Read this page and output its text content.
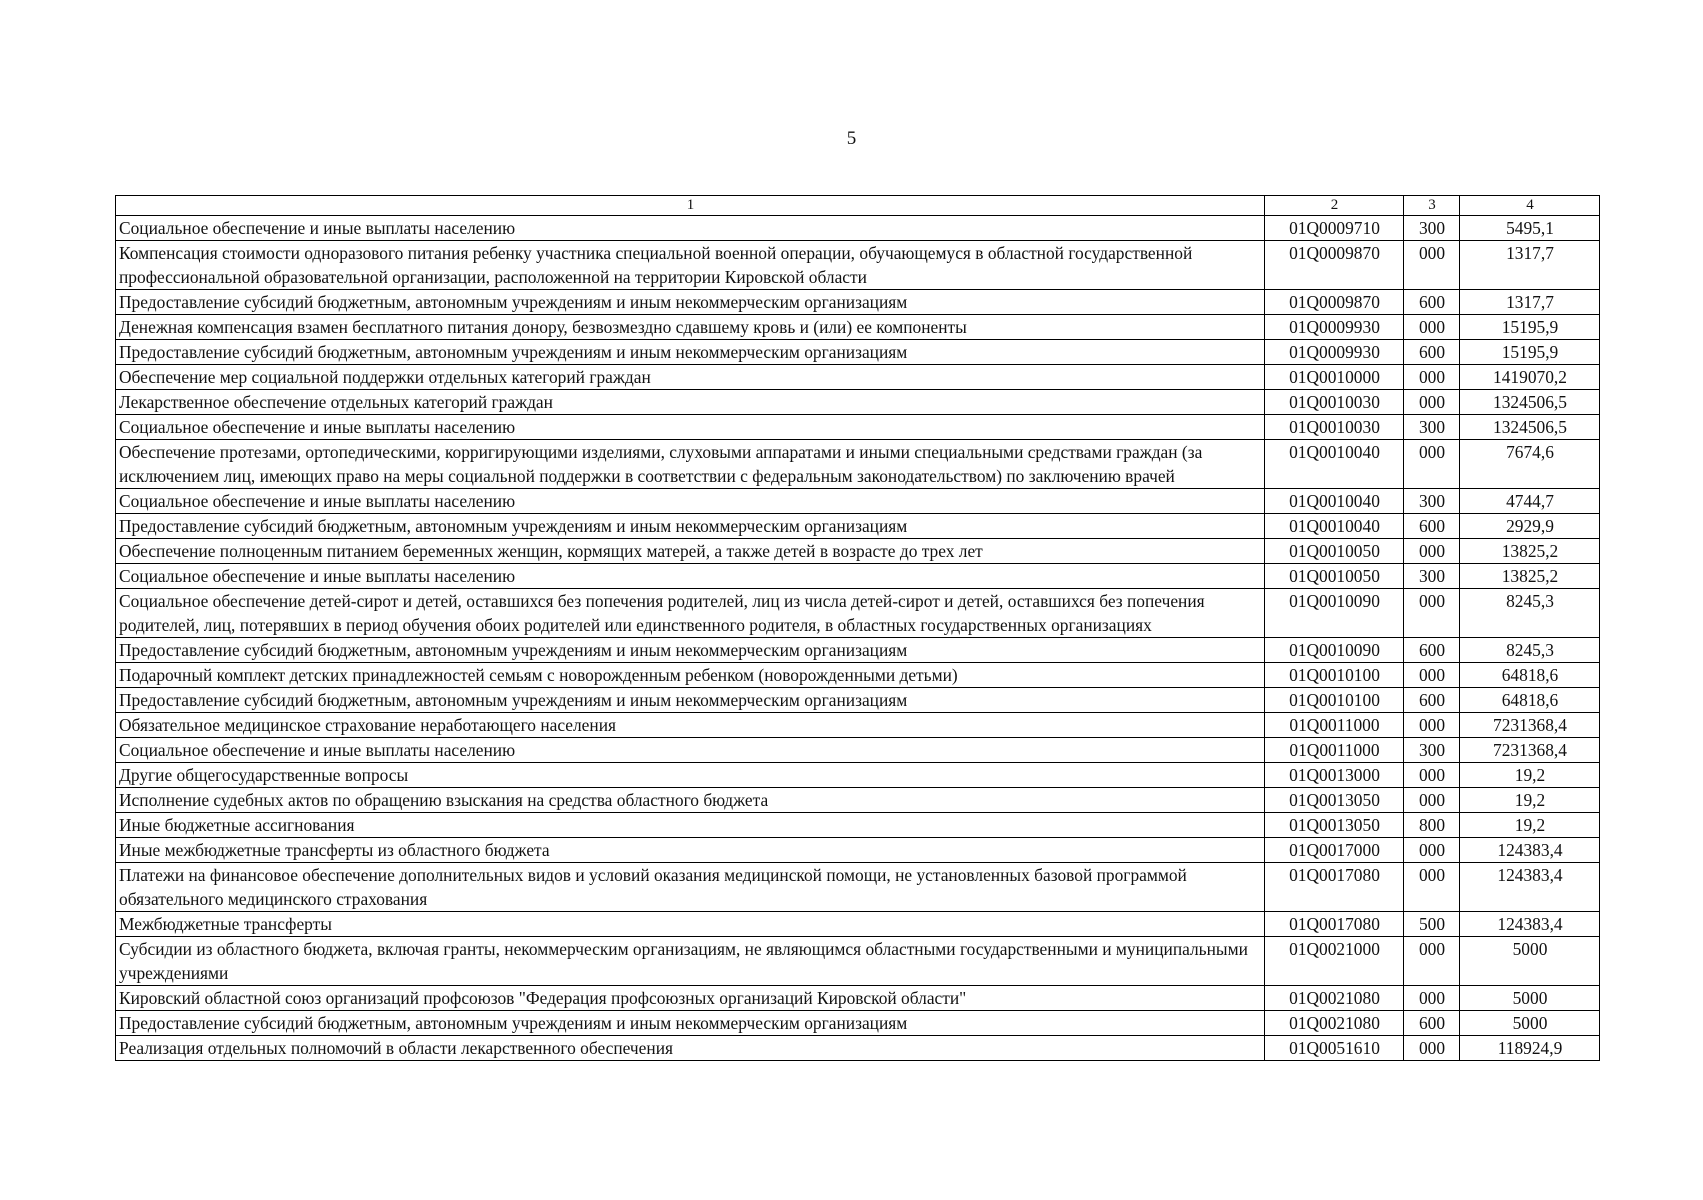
5
1	2	3	4
Социальное обеспечение и иные выплаты населению	01Q0009710	300	5495,1
Компенсация стоимости одноразового питания ребенку участника специальной военной операции, обучающемуся в областной государственной профессиональной образовательной организации, расположенной на территории Кировской области	01Q0009870	000	1317,7
Предоставление субсидий бюджетным, автономным учреждениям и иным некоммерческим организациям	01Q0009870	600	1317,7
Денежная компенсация взамен бесплатного питания донору, безвозмездно сдавшему кровь и (или) ее компоненты	01Q0009930	000	15195,9
Предоставление субсидий бюджетным, автономным учреждениям и иным некоммерческим организациям	01Q0009930	600	15195,9
Обеспечение мер социальной поддержки отдельных категорий граждан	01Q0010000	000	1419070,2
Лекарственное обеспечение отдельных категорий граждан	01Q0010030	000	1324506,5
Социальное обеспечение и иные выплаты населению	01Q0010030	300	1324506,5
Обеспечение протезами, ортопедическими, корригирующими изделиями, слуховыми аппаратами и иными специальными средствами граждан (за исключением лиц, имеющих право на меры социальной поддержки в соответствии с федеральным законодательством) по заключению врачей	01Q0010040	000	7674,6
Социальное обеспечение и иные выплаты населению	01Q0010040	300	4744,7
Предоставление субсидий бюджетным, автономным учреждениям и иным некоммерческим организациям	01Q0010040	600	2929,9
Обеспечение полноценным питанием беременных женщин, кормящих матерей, а также детей в возрасте до трех лет	01Q0010050	000	13825,2
Социальное обеспечение и иные выплаты населению	01Q0010050	300	13825,2
Социальное обеспечение детей-сирот и детей, оставшихся без попечения родителей, лиц из числа детей-сирот и детей, оставшихся без попечения родителей, лиц, потерявших в период обучения обоих родителей или единственного родителя, в областных государственных организациях	01Q0010090	000	8245,3
Предоставление субсидий бюджетным, автономным учреждениям и иным некоммерческим организациям	01Q0010090	600	8245,3
Подарочный комплект детских принадлежностей семьям с новорожденным ребенком (новорожденными детьми)	01Q0010100	000	64818,6
Предоставление субсидий бюджетным, автономным учреждениям и иным некоммерческим организациям	01Q0010100	600	64818,6
Обязательное медицинское страхование неработающего населения	01Q0011000	000	7231368,4
Социальное обеспечение и иные выплаты населению	01Q0011000	300	7231368,4
Другие общегосударственные вопросы	01Q0013000	000	19,2
Исполнение судебных актов по обращению взыскания на средства областного бюджета	01Q0013050	000	19,2
Иные бюджетные ассигнования	01Q0013050	800	19,2
Иные межбюджетные трансферты из областного бюджета	01Q0017000	000	124383,4
Платежи на финансовое обеспечение дополнительных видов и условий оказания медицинской помощи, не установленных базовой программой обязательного медицинского страхования	01Q0017080	000	124383,4
Межбюджетные трансферты	01Q0017080	500	124383,4
Субсидии из областного бюджета, включая гранты, некоммерческим организациям, не являющимся областными государственными и муниципальными учреждениями	01Q0021000	000	5000
Кировский областной союз организаций профсоюзов "Федерация профсоюзных организаций Кировской области"	01Q0021080	000	5000
Предоставление субсидий бюджетным, автономным учреждениям и иным некоммерческим организациям	01Q0021080	600	5000
Реализация отдельных полномочий в области лекарственного обеспечения	01Q0051610	000	118924,9
